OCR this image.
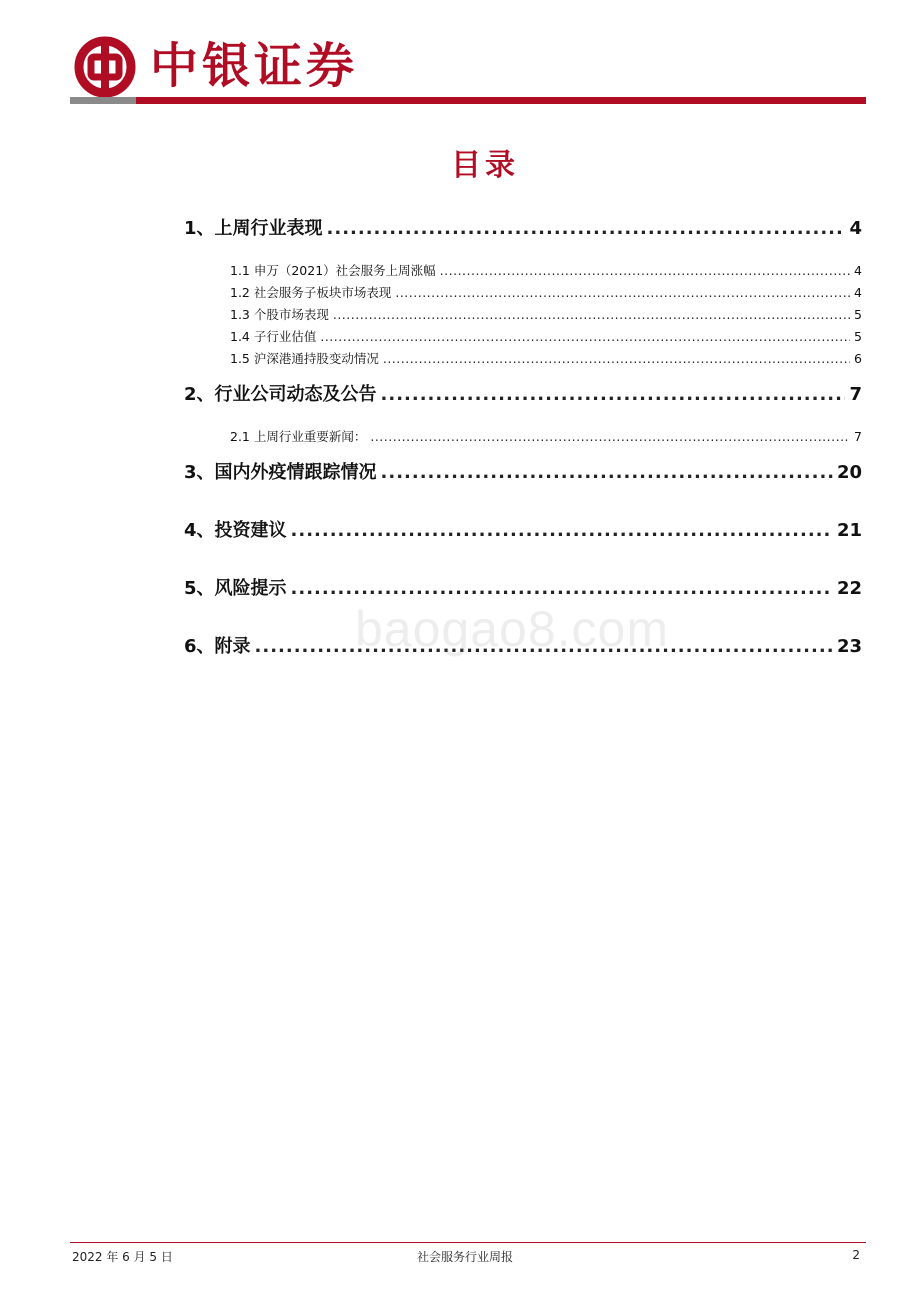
中银证券
目录
1、上周行业表现 .....	4
1.1 申万（2021）社会服务上周涨幅 .....	4
1.2 社会服务子板块市场表现 .....	4
1.3 个股市场表现 .....	5
1.4 子行业估值 .....	5
1.5 沪深港通持股变动情况 .....	6
2、行业公司动态及公告 .....	7
2.1 上周行业重要新闻： .....	7
3、国内外疫情跟踪情况 .....	20
4、投资建议 .....	21
5、风险提示 .....	22
6、附录 .....	23
baogao8.com
2022 年 6 月 5 日	社会服务行业周报	2
